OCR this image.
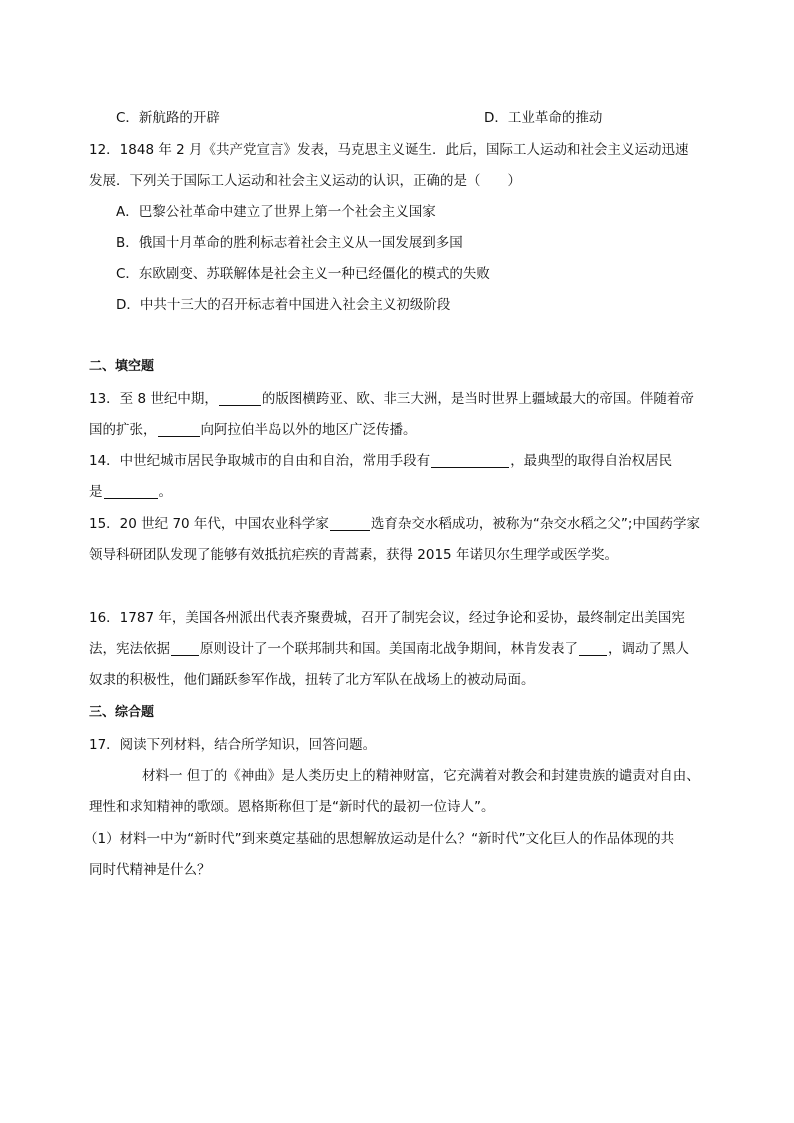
C．新航路的开辟	D．工业革命的推动
12．1848 年 2 月《共产党宣言》发表，马克思主义诞生．此后，国际工人运动和社会主义运动迅速
发展．下列关于国际工人运动和社会主义运动的认识，正确的是（　　）
A．巴黎公社革命中建立了世界上第一个社会主义国家
B．俄国十月革命的胜利标志着社会主义从一国发展到多国
C．东欧剧变、苏联解体是社会主义一种已经僵化的模式的失败
D．中共十三大的召开标志着中国进入社会主义初级阶段
二、填空题
13．至 8 世纪中期，	的版图横跨亚、欧、非三大洲，是当时世界上疆域最大的帝国。伴随着帝
国的扩张，	向阿拉伯半岛以外的地区广泛传播。
14．中世纪城市居民争取城市的自由和自治，常用手段有	，最典型的取得自治权居民
是	。
15．20 世纪 70 年代，中国农业科学家	选育杂交水稻成功，被称为“杂交水稻之父”;中国药学家
领导科研团队发现了能够有效抵抗疟疾的青蒿素，获得 2015 年诺贝尔生理学或医学奖。
16．1787 年，美国各州派出代表齐聚费城，召开了制宪会议，经过争论和妥协，最终制定出美国宪
法，宪法依据 原则设计了一个联邦制共和国。美国南北战争期间，林肯发表了 ，调动了黑人
奴隶的积极性，他们踊跃参军作战，扭转了北方军队在战场上的被动局面。
三、综合题
17．阅读下列材料，结合所学知识，回答问题。
材料一 但丁的《神曲》是人类历史上的精神财富，它充满着对教会和封建贵族的谴责对自由、
理性和求知精神的歌颂。恩格斯称但丁是“新时代的最初一位诗人”。
（1）材料一中为“新时代”到来奠定基础的思想解放运动是什么？“新时代”文化巨人的作品体现的共
同时代精神是什么？
